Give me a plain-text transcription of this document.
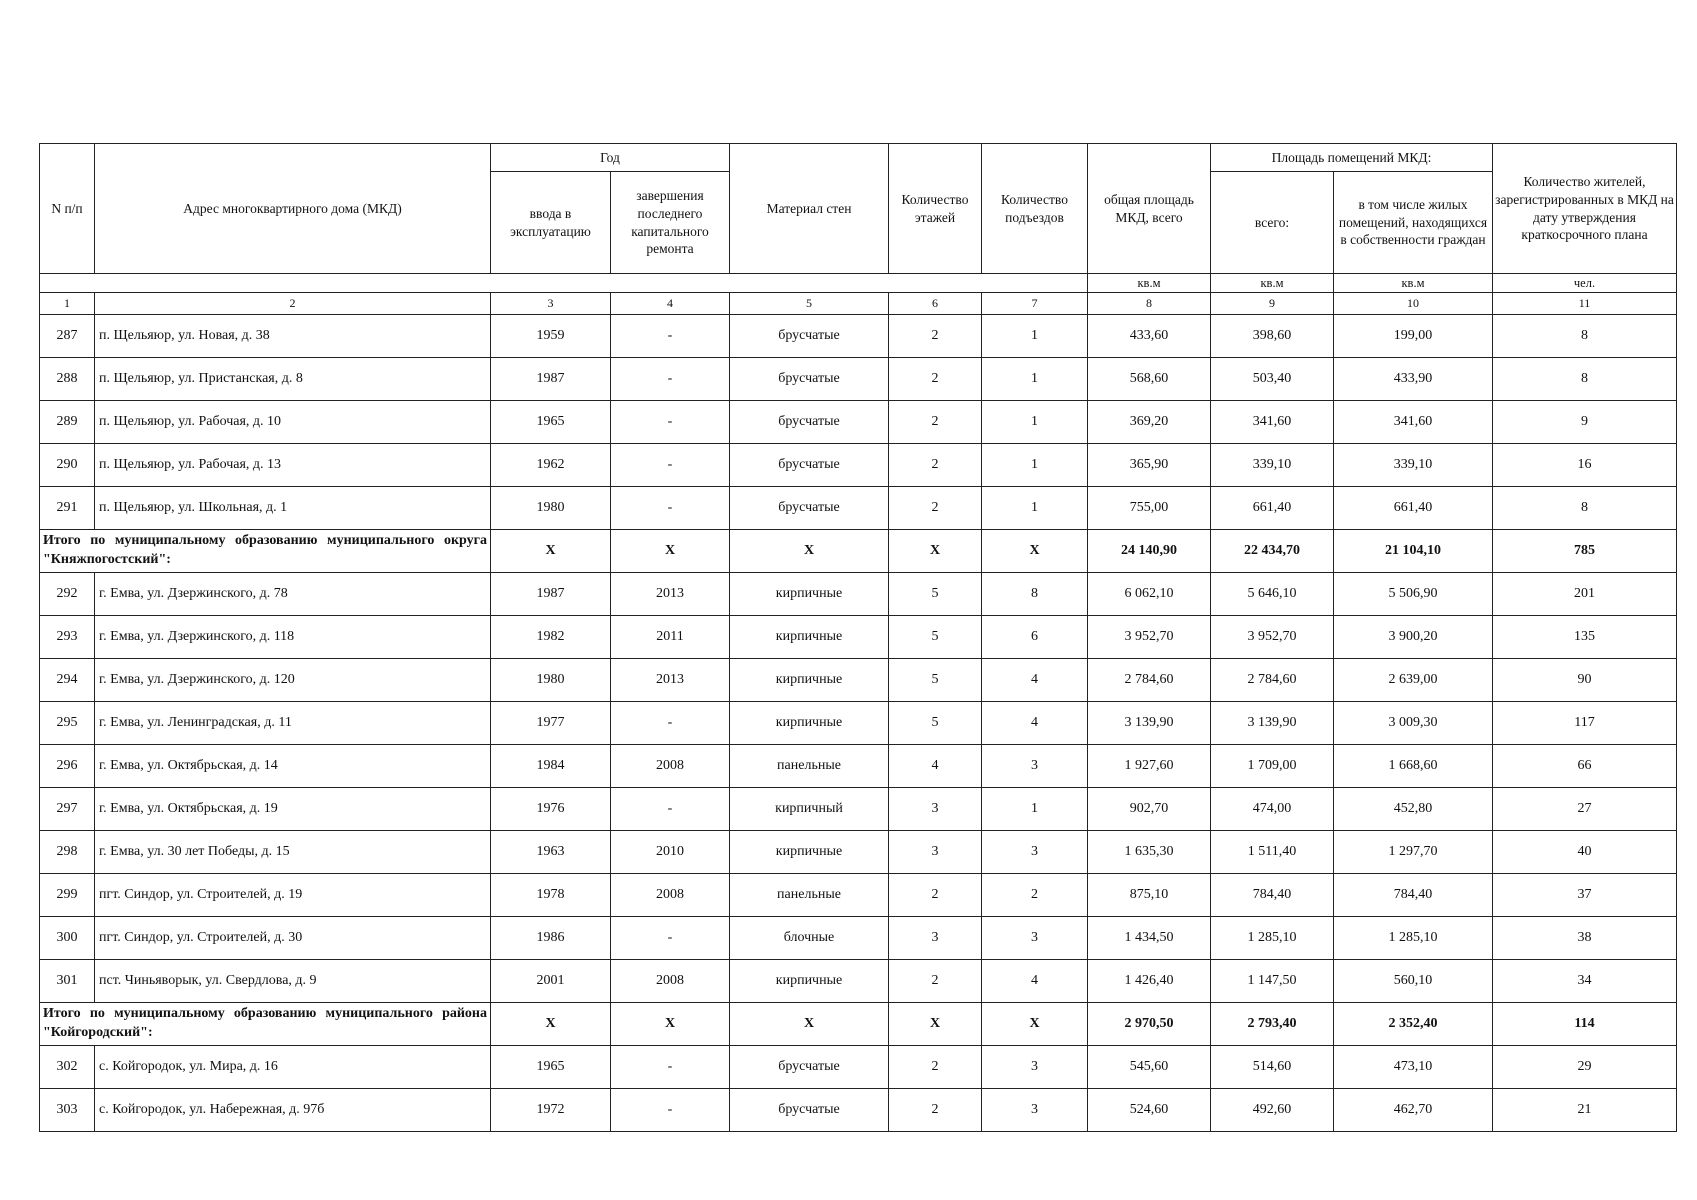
N п/п	Адрес многоквартирного дома (МКД)	Год		Материал стен	Количество этажей	Количество подъездов	общая площадь МКД, всего	Площадь помещений МКД:		Количество жителей, зарегистрированных в МКД на дату утверждения краткосрочного плана
		ввода в эксплуатацию	завершения последнего капитального ремонта					всего:	в том числе жилых помещений, находящихся в собственности граждан	
							кв.м	кв.м	кв.м	чел.
1	2	3	4	5	6	7	8	9	10	11
287	п. Щельяюр, ул. Новая, д. 38	1959	-	брусчатые	2	1	433,60	398,60	199,00	8
288	п. Щельяюр, ул. Пристанская, д. 8	1987	-	брусчатые	2	1	568,60	503,40	433,90	8
289	п. Щельяюр, ул. Рабочая, д. 10	1965	-	брусчатые	2	1	369,20	341,60	341,60	9
290	п. Щельяюр, ул. Рабочая, д. 13	1962	-	брусчатые	2	1	365,90	339,10	339,10	16
291	п. Щельяюр, ул. Школьная, д. 1	1980	-	брусчатые	2	1	755,00	661,40	661,40	8
Итого по муниципальному образованию муниципального округа "Княжпогостский":		X	X	X	X	X	24 140,90	22 434,70	21 104,10	785
292	г. Емва, ул. Дзержинского, д. 78	1987	2013	кирпичные	5	8	6 062,10	5 646,10	5 506,90	201
293	г. Емва, ул. Дзержинского, д. 118	1982	2011	кирпичные	5	6	3 952,70	3 952,70	3 900,20	135
294	г. Емва, ул. Дзержинского, д. 120	1980	2013	кирпичные	5	4	2 784,60	2 784,60	2 639,00	90
295	г. Емва, ул. Ленинградская, д. 11	1977	-	кирпичные	5	4	3 139,90	3 139,90	3 009,30	117
296	г. Емва, ул. Октябрьская, д. 14	1984	2008	панельные	4	3	1 927,60	1 709,00	1 668,60	66
297	г. Емва, ул. Октябрьская, д. 19	1976	-	кирпичный	3	1	902,70	474,00	452,80	27
298	г. Емва, ул. 30 лет Победы, д. 15	1963	2010	кирпичные	3	3	1 635,30	1 511,40	1 297,70	40
299	пгт. Синдор, ул. Строителей, д. 19	1978	2008	панельные	2	2	875,10	784,40	784,40	37
300	пгт. Синдор, ул. Строителей, д. 30	1986	-	блочные	3	3	1 434,50	1 285,10	1 285,10	38
301	пст. Чиньяворык, ул. Свердлова, д. 9	2001	2008	кирпичные	2	4	1 426,40	1 147,50	560,10	34
Итого по муниципальному образованию муниципального района "Койгородский":		X	X	X	X	X	2 970,50	2 793,40	2 352,40	114
302	с. Койгородок, ул. Мира, д. 16	1965	-	брусчатые	2	3	545,60	514,60	473,10	29
303	с. Койгородок, ул. Набережная, д. 97б	1972	-	брусчатые	2	3	524,60	492,60	462,70	21
